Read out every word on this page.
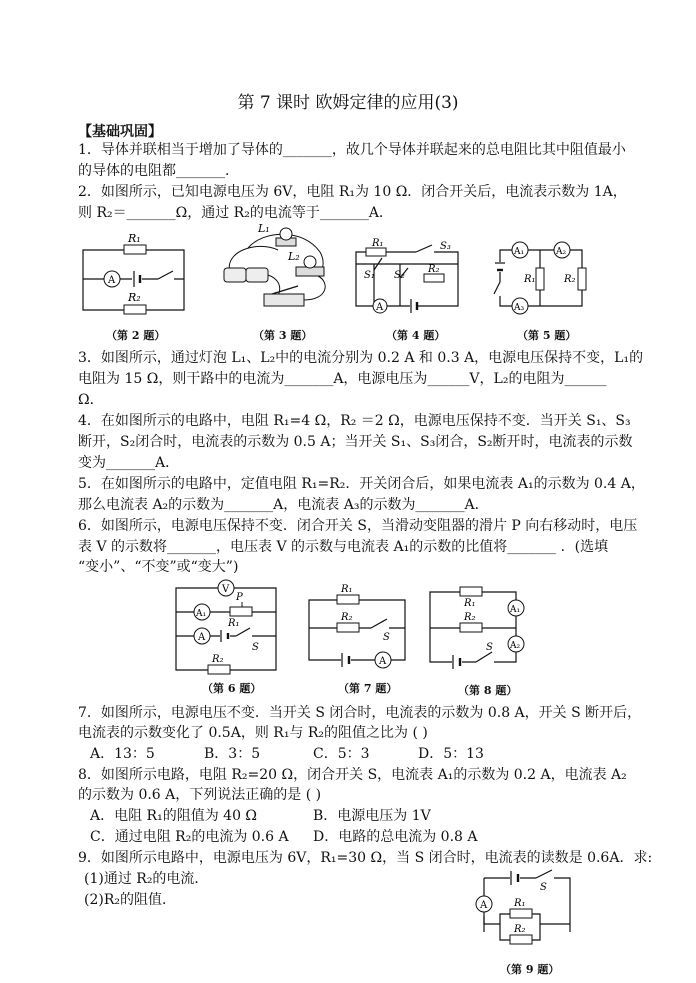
第 7 课时 欧姆定律的应用(3)
【基础巩固】
1．导体并联相当于增加了导体的_______，故几个导体并联起来的总电阻比其中阻值最小
的导体的电阻都_______.
2．如图所示，已知电源电压为 6V，电阻 R₁为 10 Ω．闭合开关后，电流表示数为 1A，
则 R₂＝_______Ω，通过 R₂的电流等于_______A．
R₁
R₂
A
（第 2 题）
L₁
L₂
（第 3 题）
R₁	S₃
R₂
S₁ S₂
A
（第 4 题）
A₁	A₂
A₃
R₁	R₂
（第 5 题）
3．如图所示，通过灯泡 L₁、L₂中的电流分别为 0.2 A 和 0.3 A，电源电压保持不变，L₁的
电阻为 15 Ω，则干路中的电流为_______A，电源电压为______V，L₂的电阻为______
Ω．
4．在如图所示的电路中，电阻 R₁=4 Ω，R₂ ＝2 Ω，电源电压保持不变．当开关 S₁、S₃
断开，S₂闭合时，电流表的示数为 0.5 A；当开关 S₁、S₃闭合，S₂断开时，电流表的示数
变为_______A．
5．在如图所示的电路中，定值电阻 R₁=R₂．开关闭合后，如果电流表 A₁的示数为 0.4 A，
那么电流表 A₂的示数为_______A，电流表 A₃的示数为_______A．
6．如图所示，电源电压保持不变．闭合开关 S，当滑动变阻器的滑片 P 向右移动时，电压
表 V 的示数将_______，电压表 V 的示数与电流表 A₁的示数的比值将_______ ．(选填
“变小”、“不变”或“变大”)
V
A₁
P
A
S
R₁
R₂
（第 6 题）
R₁
R₂
S
A
（第 7 题）
R₁
R₂
A₁
A₂
S
（第 8 题）
7．如图所示，电源电压不变．当开关 S 闭合时，电流表的示数为 0.8 A，开关 S 断开后，
电流表的示数变化了 0.5A，则 R₁与 R₂的阻值之比为 ( )
A．13：5	B．3：5	C．5：3	D．5：13
8．如图所示电路，电阻 R₂=20 Ω，闭合开关 S，电流表 A₁的示数为 0.2 A，电流表 A₂
的示数为 0.6 A，下列说法正确的是 ( )
A．电阻 R₁的阻值为 40 Ω	B．电源电压为 1V
C．通过电阻 R₂的电流为 0.6 A D．电路的总电流为 0.8 A
9．如图所示电路中，电源电压为 6V，R₁=30 Ω，当 S 闭合时，电流表的读数是 0.6A．求:
(1)通过 R₂的电流．
(2)R₂的阻值．
S
A	R₁
R₂
（第 9 题）
